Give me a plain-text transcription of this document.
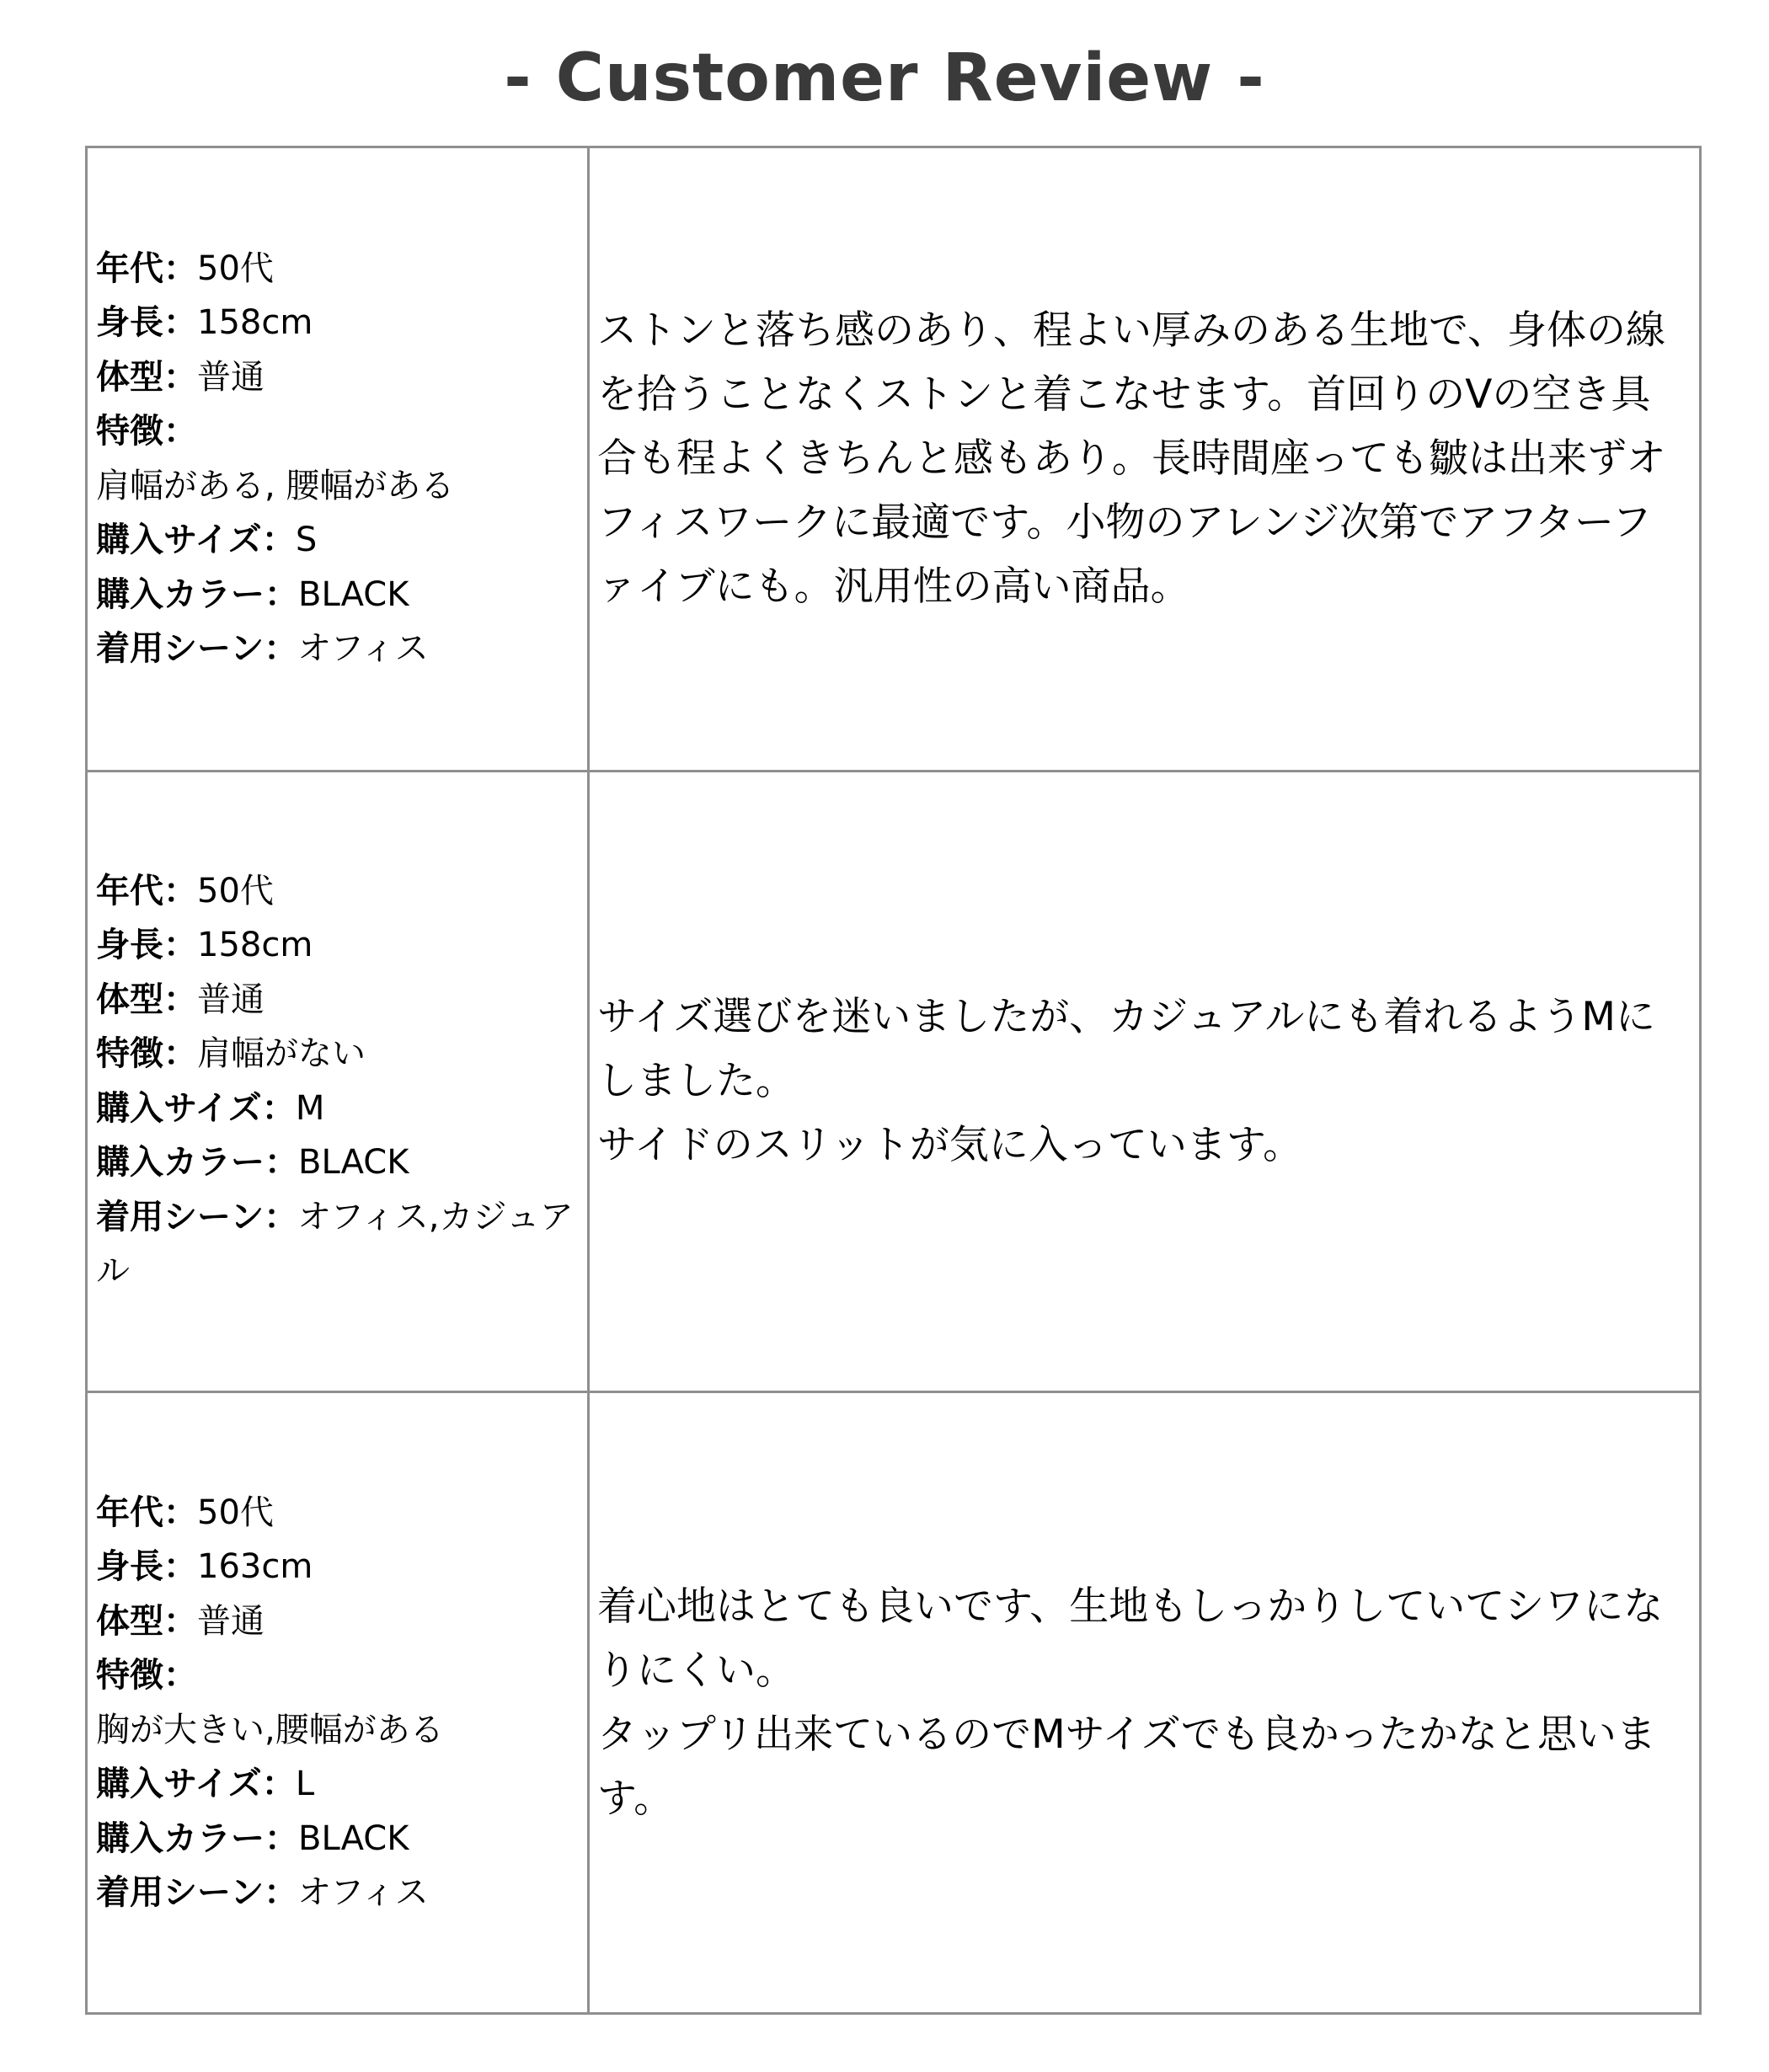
- Customer Review -
年代：50代
身長：158cm
体型：普通
特徴：
肩幅がある, 腰幅がある
購入サイズ：S
購入カラー：BLACK
着用シーン：オフィス
ストンと落ち感のあり、程よい厚みのある生地で、身体の線を拾うことなくストンと着こなせます。首回りのVの空き具合も程よくきちんと感もあり。長時間座っても皺は出来ずオフィスワークに最適です。小物のアレンジ次第でアフターファイブにも。汎用性の高い商品。
年代：50代
身長：158cm
体型：普通
特徴：肩幅がない
購入サイズ：M
購入カラー：BLACK
着用シーン：オフィス,カジュアル
サイズ選びを迷いましたが、カジュアルにも着れるようMにしました。
サイドのスリットが気に入っています。
年代：50代
身長：163cm
体型：普通
特徴：
胸が大きい,腰幅がある
購入サイズ：L
購入カラー：BLACK
着用シーン：オフィス
着心地はとても良いです、生地もしっかりしていてシワになりにくい。
タップリ出来ているのでMサイズでも良かったかなと思います。
